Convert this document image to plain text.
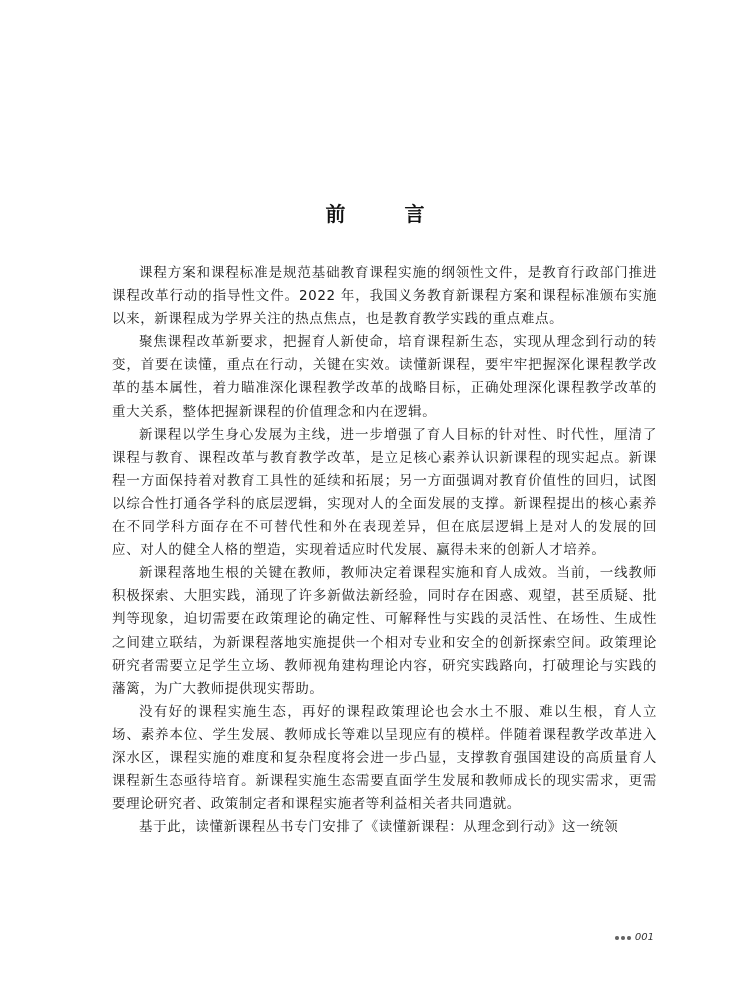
前 言

课程方案和课程标准是规范基础教育课程实施的纲领性文件，是教育行政部门推进课程改革行动的指导性文件。2022 年，我国义务教育新课程方案和课程标准颁布实施以来，新课程成为学界关注的热点焦点，也是教育教学实践的重点难点。

聚焦课程改革新要求，把握育人新使命，培育课程新生态，实现从理念到行动的转变，首要在读懂，重点在行动，关键在实效。读懂新课程，要牢牢把握深化课程教学改革的基本属性，着力瞄准深化课程教学改革的战略目标，正确处理深化课程教学改革的重大关系，整体把握新课程的价值理念和内在逻辑。

新课程以学生身心发展为主线，进一步增强了育人目标的针对性、时代性，厘清了课程与教育、课程改革与教育教学改革，是立足核心素养认识新课程的现实起点。新课程一方面保持着对教育工具性的延续和拓展；另一方面强调对教育价值性的回归，试图以综合性打通各学科的底层逻辑，实现对人的全面发展的支撑。新课程提出的核心素养在不同学科方面存在不可替代性和外在表现差异，但在底层逻辑上是对人的发展的回应、对人的健全人格的塑造，实现着适应时代发展、赢得未来的创新人才培养。

新课程落地生根的关键在教师，教师决定着课程实施和育人成效。当前，一线教师积极探索、大胆实践，涌现了许多新做法新经验，同时存在困惑、观望，甚至质疑、批判等现象，迫切需要在政策理论的确定性、可解释性与实践的灵活性、在场性、生成性之间建立联结，为新课程落地实施提供一个相对专业和安全的创新探索空间。政策理论研究者需要立足学生立场、教师视角建构理论内容，研究实践路向，打破理论与实践的藩篱，为广大教师提供现实帮助。

没有好的课程实施生态，再好的课程政策理论也会水土不服、难以生根，育人立场、素养本位、学生发展、教师成长等难以呈现应有的模样。伴随着课程教学改革进入深水区，课程实施的难度和复杂程度将会进一步凸显，支撑教育强国建设的高质量育人课程新生态亟待培育。新课程实施生态需要直面学生发展和教师成长的现实需求，更需要理论研究者、政策制定者和课程实施者等利益相关者共同遣就。

基于此，读懂新课程丛书专门安排了《读懂新课程：从理念到行动》这一统领

001
